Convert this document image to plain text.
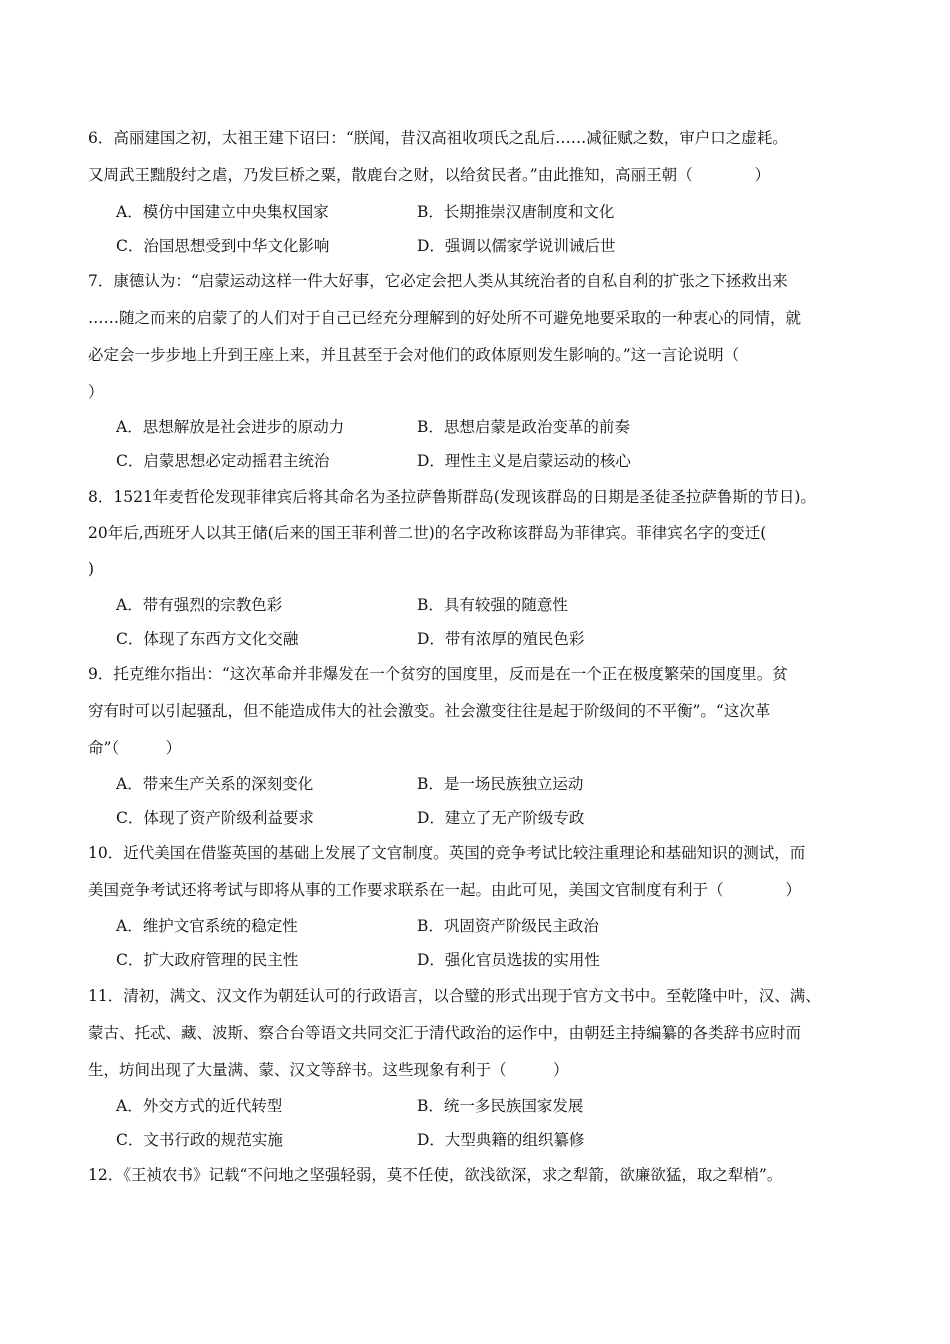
6．高丽建国之初，太祖王建下诏曰：“朕闻，昔汉高祖收项氏之乱后……减征赋之数，审户口之虚耗。
又周武王黜殷纣之虐，乃发巨桥之粟，散鹿台之财，以给贫民者。”由此推知，高丽王朝（　　　　）
A．模仿中国建立中央集权国家	B．长期推崇汉唐制度和文化
C．治国思想受到中华文化影响	D．强调以儒家学说训诫后世
7．康德认为：“启蒙运动这样一件大好事，它必定会把人类从其统治者的自私自利的扩张之下拯救出来
……随之而来的启蒙了的人们对于自己已经充分理解到的好处所不可避免地要采取的一种衷心的同情，就
必定会一步步地上升到王座上来，并且甚至于会对他们的政体原则发生影响的。”这一言论说明（
）
A．思想解放是社会进步的原动力	B．思想启蒙是政治变革的前奏
C．启蒙思想必定动摇君主统治	D．理性主义是启蒙运动的核心
8．1521年麦哲伦发现菲律宾后将其命名为圣拉萨鲁斯群岛(发现该群岛的日期是圣徒圣拉萨鲁斯的节日)。
20年后,西班牙人以其王储(后来的国王菲利普二世)的名字改称该群岛为菲律宾。菲律宾名字的变迁(
)
A．带有强烈的宗教色彩	B．具有较强的随意性
C．体现了东西方文化交融	D．带有浓厚的殖民色彩
9．托克维尔指出：“这次革命并非爆发在一个贫穷的国度里，反而是在一个正在极度繁荣的国度里。贫
穷有时可以引起骚乱，但不能造成伟大的社会激变。社会激变往往是起于阶级间的不平衡”。“这次革
命”（　　　）
A．带来生产关系的深刻变化	B．是一场民族独立运动
C．体现了资产阶级利益要求	D．建立了无产阶级专政
10．近代美国在借鉴英国的基础上发展了文官制度。英国的竞争考试比较注重理论和基础知识的测试，而
美国竞争考试还将考试与即将从事的工作要求联系在一起。由此可见，美国文官制度有利于（　　　　）
A．维护文官系统的稳定性	B．巩固资产阶级民主政治
C．扩大政府管理的民主性	D．强化官员选拔的实用性
11．清初，满文、汉文作为朝廷认可的行政语言，以合璧的形式出现于官方文书中。至乾隆中叶，汉、满、
蒙古、托忒、藏、波斯、察合台等语文共同交汇于清代政治的运作中，由朝廷主持编纂的各类辞书应时而
生，坊间出现了大量满、蒙、汉文等辞书。这些现象有利于（　　　）
A．外交方式的近代转型	B．统一多民族国家发展
C．文书行政的规范实施	D．大型典籍的组织纂修
12．《王祯农书》记载“不问地之坚强轻弱，莫不任使，欲浅欲深，求之犁箭，欲廉欲猛，取之犁梢”。
